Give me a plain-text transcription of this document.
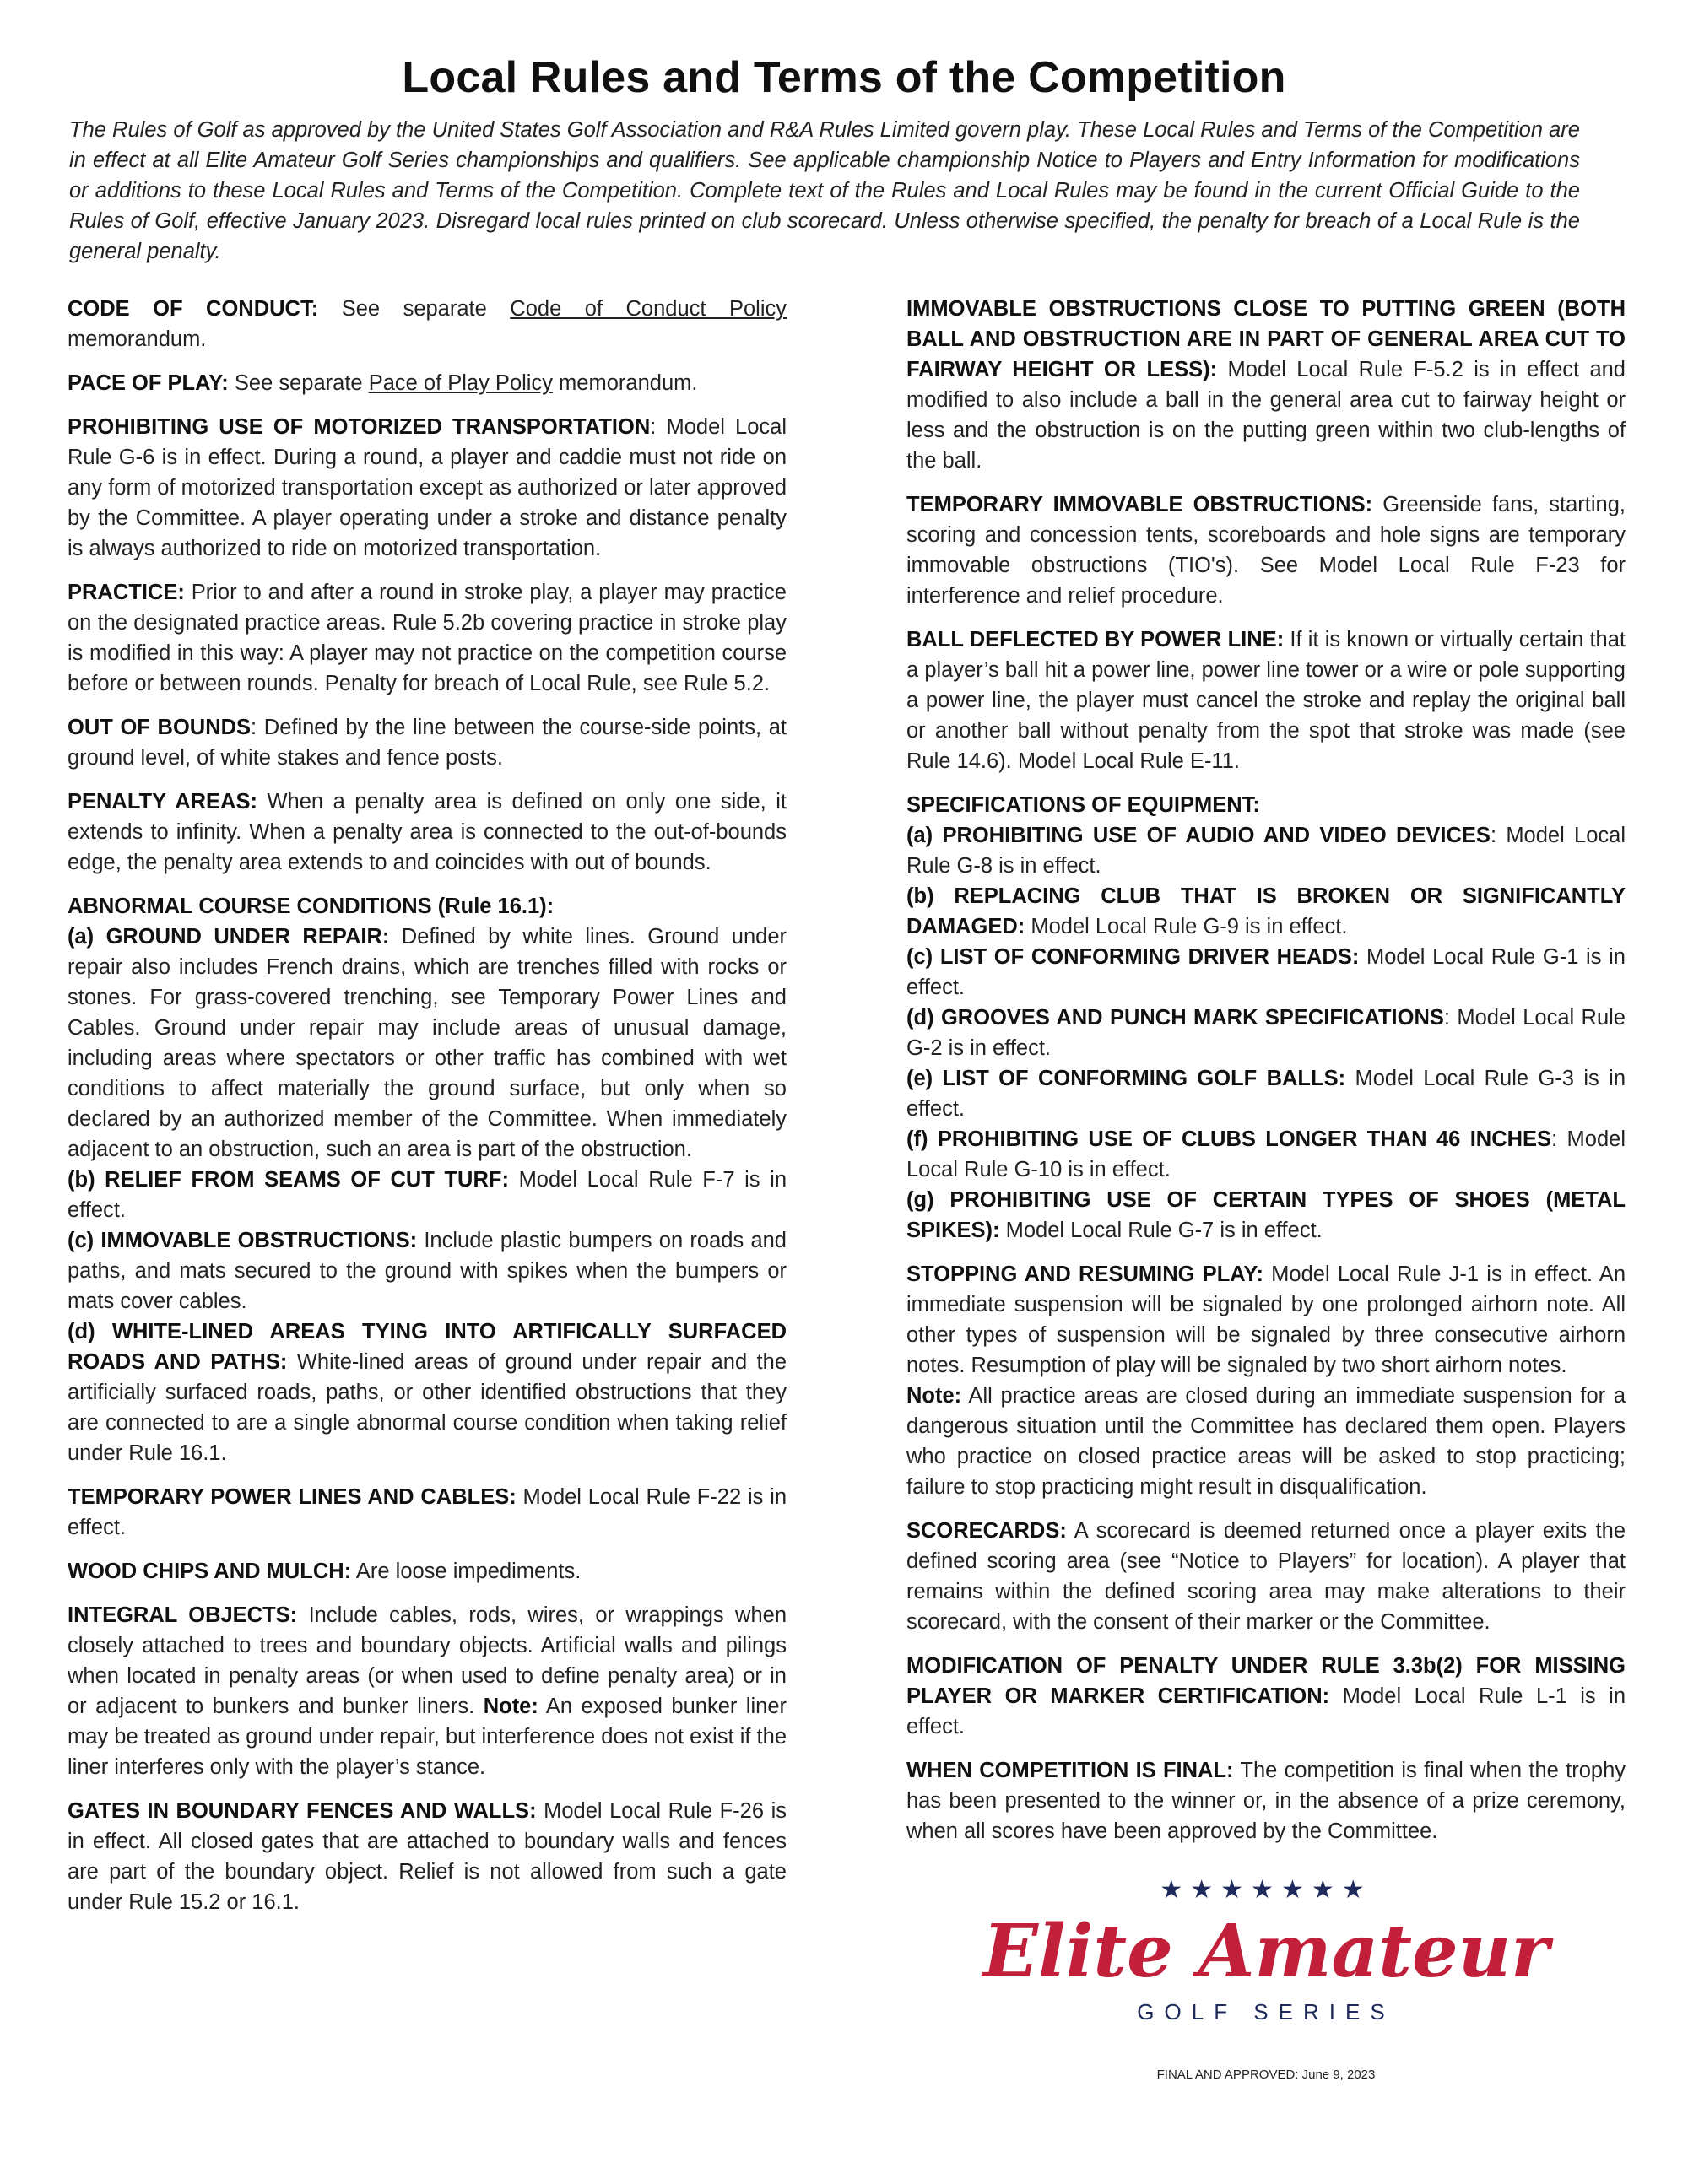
Local Rules and Terms of the Competition
The Rules of Golf as approved by the United States Golf Association and R&A Rules Limited govern play. These Local Rules and Terms of the Competition are in effect at all Elite Amateur Golf Series championships and qualifiers. See applicable championship Notice to Players and Entry Information for modifications or additions to these Local Rules and Terms of the Competition. Complete text of the Rules and Local Rules may be found in the current Official Guide to the Rules of Golf, effective January 2023. Disregard local rules printed on club scorecard. Unless otherwise specified, the penalty for breach of a Local Rule is the general penalty.

CODE OF CONDUCT: See separate Code of Conduct Policy memorandum.

PACE OF PLAY: See separate Pace of Play Policy memorandum.

PROHIBITING USE OF MOTORIZED TRANSPORTATION: Model Local Rule G-6 is in effect. During a round, a player and caddie must not ride on any form of motorized transportation except as authorized or later approved by the Committee. A player operating under a stroke and distance penalty is always authorized to ride on motorized transportation.

PRACTICE: Prior to and after a round in stroke play, a player may practice on the designated practice areas. Rule 5.2b covering practice in stroke play is modified in this way: A player may not practice on the competition course before or between rounds. Penalty for breach of Local Rule, see Rule 5.2.

OUT OF BOUNDS: Defined by the line between the course-side points, at ground level, of white stakes and fence posts.

PENALTY AREAS: When a penalty area is defined on only one side, it extends to infinity. When a penalty area is connected to the out-of-bounds edge, the penalty area extends to and coincides with out of bounds.

ABNORMAL COURSE CONDITIONS (Rule 16.1):

(a) GROUND UNDER REPAIR: Defined by white lines. Ground under repair also includes French drains, which are trenches filled with rocks or stones. For grass-covered trenching, see Temporary Power Lines and Cables. Ground under repair may include areas of unusual damage, including areas where spectators or other traffic has combined with wet conditions to affect materially the ground surface, but only when so declared by an authorized member of the Committee. When immediately adjacent to an obstruction, such an area is part of the obstruction.

(b) RELIEF FROM SEAMS OF CUT TURF: Model Local Rule F-7 is in effect.

(c) IMMOVABLE OBSTRUCTIONS: Include plastic bumpers on roads and paths, and mats secured to the ground with spikes when the bumpers or mats cover cables.

(d) WHITE-LINED AREAS TYING INTO ARTIFICALLY SURFACED ROADS AND PATHS: White-lined areas of ground under repair and the artificially surfaced roads, paths, or other identified obstructions that they are connected to are a single abnormal course condition when taking relief under Rule 16.1.

TEMPORARY POWER LINES AND CABLES: Model Local Rule F-22 is in effect.

WOOD CHIPS AND MULCH: Are loose impediments.

INTEGRAL OBJECTS: Include cables, rods, wires, or wrappings when closely attached to trees and boundary objects. Artificial walls and pilings when located in penalty areas (or when used to define penalty area) or in or adjacent to bunkers and bunker liners. Note: An exposed bunker liner may be treated as ground under repair, but interference does not exist if the liner interferes only with the player’s stance.

GATES IN BOUNDARY FENCES AND WALLS: Model Local Rule F-26 is in effect. All closed gates that are attached to boundary walls and fences are part of the boundary object. Relief is not allowed from such a gate under Rule 15.2 or 16.1.

IMMOVABLE OBSTRUCTIONS CLOSE TO PUTTING GREEN (BOTH BALL AND OBSTRUCTION ARE IN PART OF GENERAL AREA CUT TO FAIRWAY HEIGHT OR LESS): Model Local Rule F-5.2 is in effect and modified to also include a ball in the general area cut to fairway height or less and the obstruction is on the putting green within two club-lengths of the ball.

TEMPORARY IMMOVABLE OBSTRUCTIONS: Greenside fans, starting, scoring and concession tents, scoreboards and hole signs are temporary immovable obstructions (TIO's). See Model Local Rule F-23 for interference and relief procedure.

BALL DEFLECTED BY POWER LINE: If it is known or virtually certain that a player’s ball hit a power line, power line tower or a wire or pole supporting a power line, the player must cancel the stroke and replay the original ball or another ball without penalty from the spot that stroke was made (see Rule 14.6). Model Local Rule E-11.

SPECIFICATIONS OF EQUIPMENT:

(a) PROHIBITING USE OF AUDIO AND VIDEO DEVICES: Model Local Rule G-8 is in effect.

(b) REPLACING CLUB THAT IS BROKEN OR SIGNIFICANTLY DAMAGED: Model Local Rule G-9 is in effect.

(c) LIST OF CONFORMING DRIVER HEADS: Model Local Rule G-1 is in effect.

(d) GROOVES AND PUNCH MARK SPECIFICATIONS: Model Local Rule G-2 is in effect.

(e) LIST OF CONFORMING GOLF BALLS: Model Local Rule G-3 is in effect.

(f) PROHIBITING USE OF CLUBS LONGER THAN 46 INCHES: Model Local Rule G-10 is in effect.

(g) PROHIBITING USE OF CERTAIN TYPES OF SHOES (METAL SPIKES): Model Local Rule G-7 is in effect.

STOPPING AND RESUMING PLAY: Model Local Rule J-1 is in effect. An immediate suspension will be signaled by one prolonged airhorn note. All other types of suspension will be signaled by three consecutive airhorn notes. Resumption of play will be signaled by two short airhorn notes.

Note: All practice areas are closed during an immediate suspension for a dangerous situation until the Committee has declared them open. Players who practice on closed practice areas will be asked to stop practicing; failure to stop practicing might result in disqualification.

SCORECARDS: A scorecard is deemed returned once a player exits the defined scoring area (see “Notice to Players” for location). A player that remains within the defined scoring area may make alterations to their scorecard, with the consent of their marker or the Committee.

MODIFICATION OF PENALTY UNDER RULE 3.3b(2) FOR MISSING PLAYER OR MARKER CERTIFICATION: Model Local Rule L-1 is in effect.

WHEN COMPETITION IS FINAL: The competition is final when the trophy has been presented to the winner or, in the absence of a prize ceremony, when all scores have been approved by the Committee.

★★★★★★★
Elite Amateur
GOLF SERIES
FINAL AND APPROVED: June 9, 2023
